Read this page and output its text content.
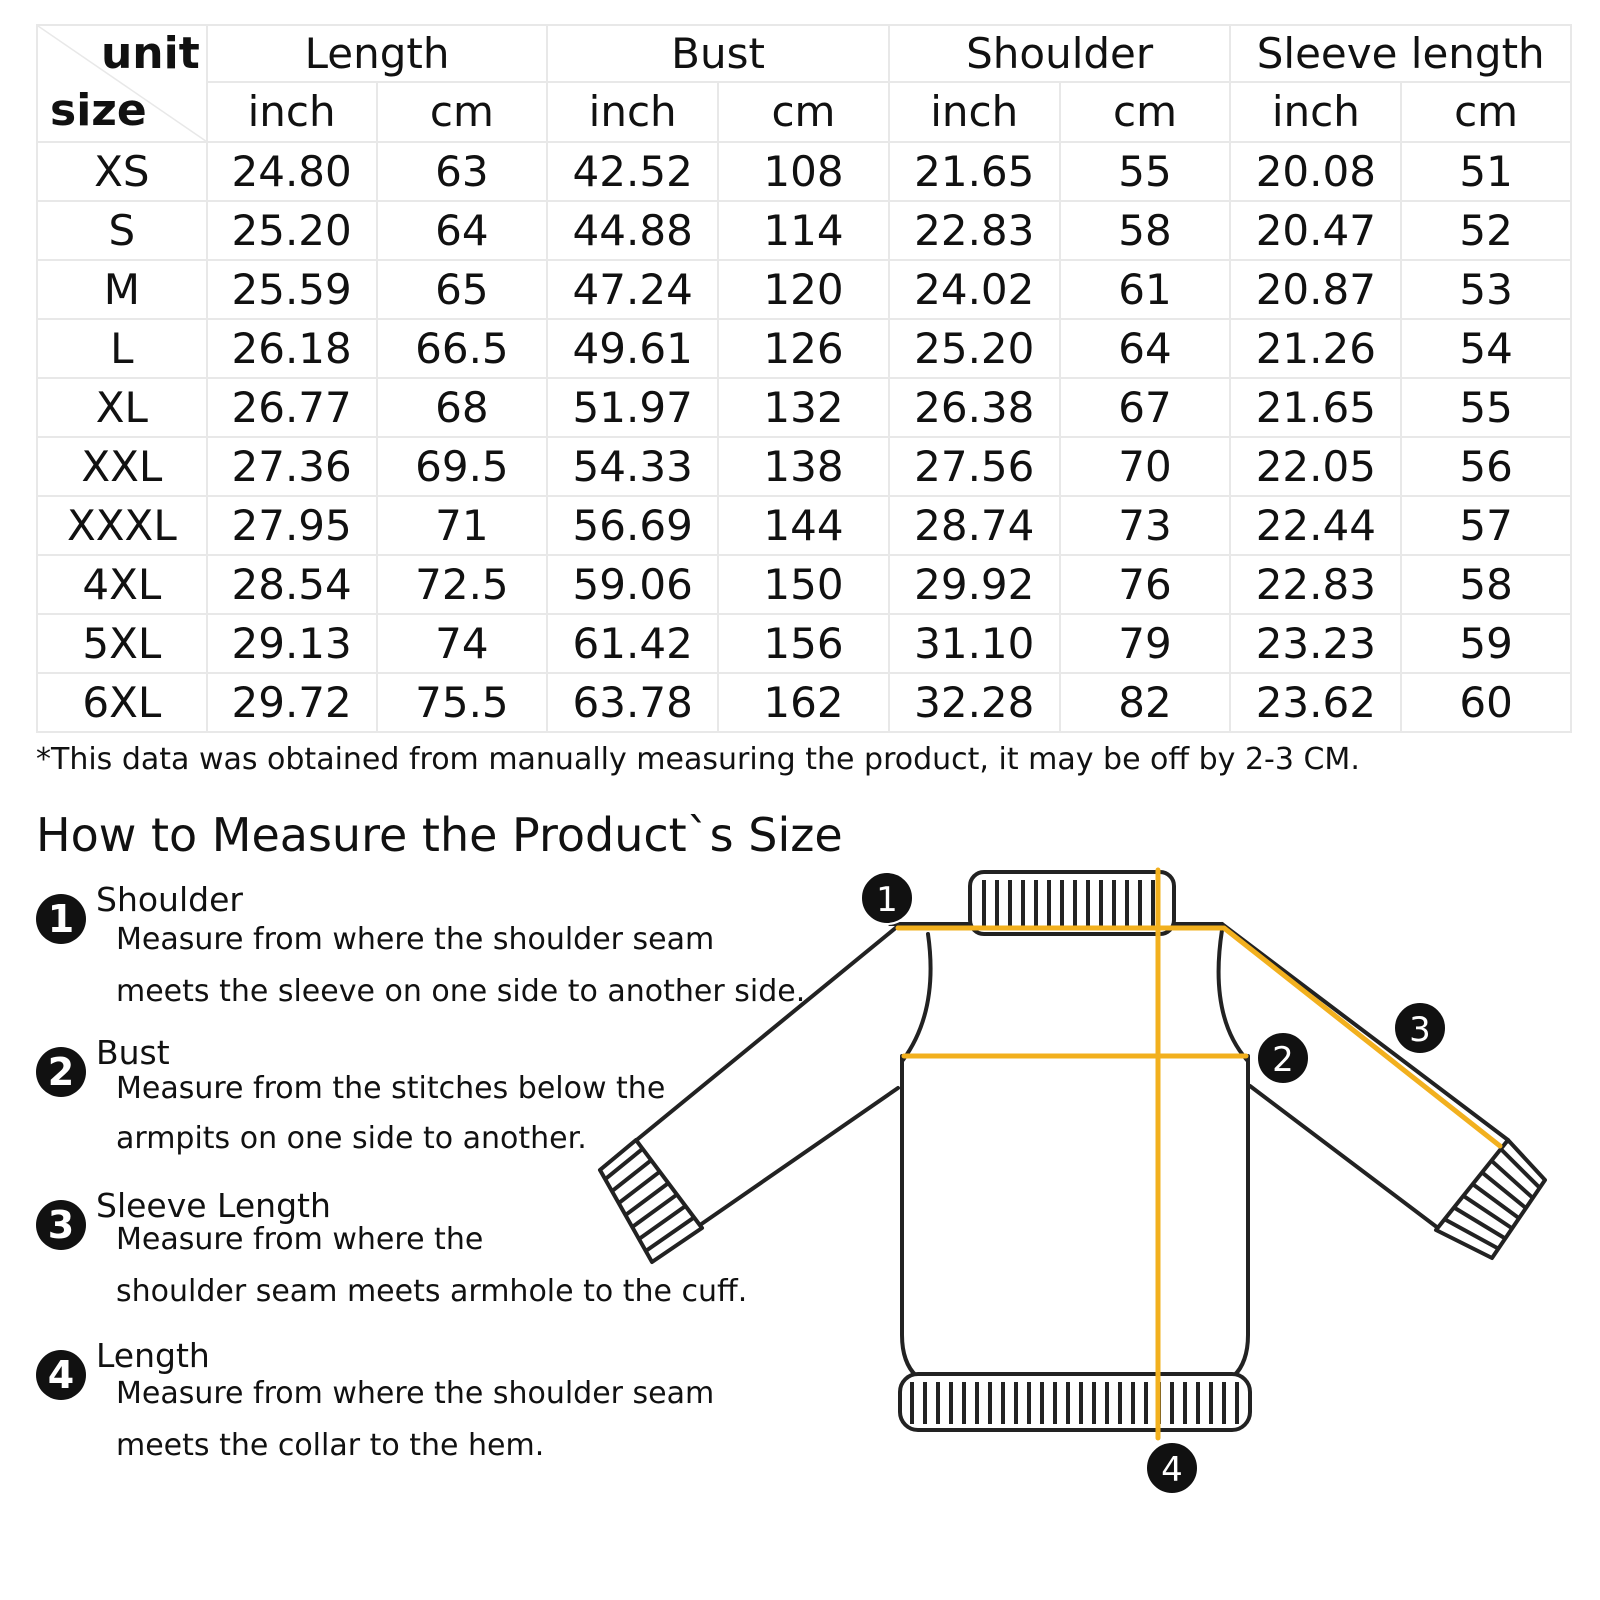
unit
size	Length		Bust		Shoulder		Sleeve length	
	inch	cm	inch	cm	inch	cm	inch	cm
XS	24.80	63	42.52	108	21.65	55	20.08	51
S	25.20	64	44.88	114	22.83	58	20.47	52
M	25.59	65	47.24	120	24.02	61	20.87	53
L	26.18	66.5	49.61	126	25.20	64	21.26	54
XL	26.77	68	51.97	132	26.38	67	21.65	55
XXL	27.36	69.5	54.33	138	27.56	70	22.05	56
XXXL	27.95	71	56.69	144	28.74	73	22.44	57
4XL	28.54	72.5	59.06	150	29.92	76	22.83	58
5XL	29.13	74	61.42	156	31.10	79	23.23	59
6XL	29.72	75.5	63.78	162	32.28	82	23.62	60
*This data was obtained from manually measuring the product, it may be off by 2-3 CM.
How to Measure the Product`s Size
1 Shoulder
Measure from where the shoulder seam
meets the sleeve on one side to another side.
2 Bust
Measure from the stitches below the
armpits on one side to another.
3 Sleeve Length
Measure from where the
shoulder seam meets armhole to the cuff.
4 Length
Measure from where the shoulder seam
meets the collar to the hem.
1
2
3
4
